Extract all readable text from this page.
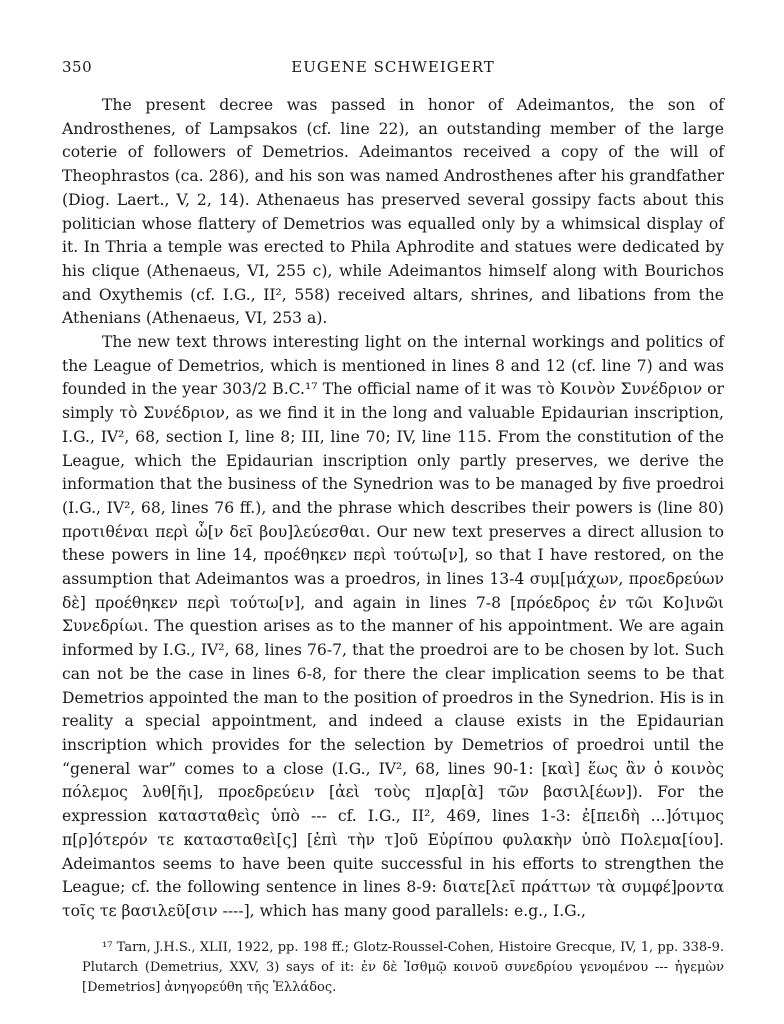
350	EUGENE SCHWEIGERT

The present decree was passed in honor of Adeimantos, the son of Androsthenes, of Lampsakos (cf. line 22), an outstanding member of the large coterie of followers of Demetrios. Adeimantos received a copy of the will of Theophrastos (ca. 286), and his son was named Androsthenes after his grandfather (Diog. Laert., V, 2, 14). Athenaeus has preserved several gossipy facts about this politician whose flattery of Demetrios was equalled only by a whimsical display of it. In Thria a temple was erected to Phila Aphrodite and statues were dedicated by his clique (Athenaeus, VI, 255 c), while Adeimantos himself along with Bourichos and Oxythemis (cf. I.G., II², 558) received altars, shrines, and libations from the Athenians (Athenaeus, VI, 253 a).

The new text throws interesting light on the internal workings and politics of the League of Demetrios, which is mentioned in lines 8 and 12 (cf. line 7) and was founded in the year 303/2 B.C.¹⁷ The official name of it was τὸ Κοινὸν Συνέδριον or simply τὸ Συνέδριον, as we find it in the long and valuable Epidaurian inscription, I.G., IV², 68, section I, line 8; III, line 70; IV, line 115. From the constitution of the League, which the Epidaurian inscription only partly preserves, we derive the information that the business of the Synedrion was to be managed by five proedroi (I.G., IV², 68, lines 76 ff.), and the phrase which describes their powers is (line 80) προτιθέναι περὶ ὧ[ν δεῖ βου]λεύεσθαι. Our new text preserves a direct allusion to these powers in line 14, προέθηκεν περὶ τούτω[ν], so that I have restored, on the assumption that Adeimantos was a proedros, in lines 13-4 συμ[μάχων, προεδρεύων δὲ] προέθηκεν περὶ τούτω[ν], and again in lines 7-8 [πρόεδρος ἐν τῶι Κο]ινῶι Συνεδρίωι. The question arises as to the manner of his appointment. We are again informed by I.G., IV², 68, lines 76-7, that the proedroi are to be chosen by lot. Such can not be the case in lines 6-8, for there the clear implication seems to be that Demetrios appointed the man to the position of proedros in the Synedrion. His is in reality a special appointment, and indeed a clause exists in the Epidaurian inscription which provides for the selection by Demetrios of proedroi until the “general war” comes to a close (I.G., IV², 68, lines 90-1: [καὶ] ἕως ἂν ὁ κοινὸς πόλεμος λυθ[ῆι], προεδρεύειν [ἀεὶ τοὺς π]αρ[ὰ] τῶν βασιλ[έων]). For the expression κατασταθεὶς ὑπὸ --- cf. I.G., II², 469, lines 1-3: ἐ[πειδὴ ...]ότιμος π[ρ]ότερόν τε κατασταθεὶ[ς] [ἐπὶ τὴν τ]οῦ Εὐρίπου φυλακὴν ὑπὸ Πολεμα[ίου]. Adeimantos seems to have been quite successful in his efforts to strengthen the League; cf. the following sentence in lines 8-9: διατε[λεῖ πράττων τὰ συμφέ]ροντα τοῖς τε βασιλεῦ[σιν ----], which has many good parallels: e.g., I.G.,

¹⁷ Tarn, J.H.S., XLII, 1922, pp. 198 ff.; Glotz-Roussel-Cohen, Histoire Grecque, IV, 1, pp. 338-9. Plutarch (Demetrius, XXV, 3) says of it: ἐν δὲ Ἰσθμῷ κοινοῦ συνεδρίου γενομένου --- ἡγεμὼν [Demetrios] ἀνηγορεύθη τῆς Ἑλλάδος.
